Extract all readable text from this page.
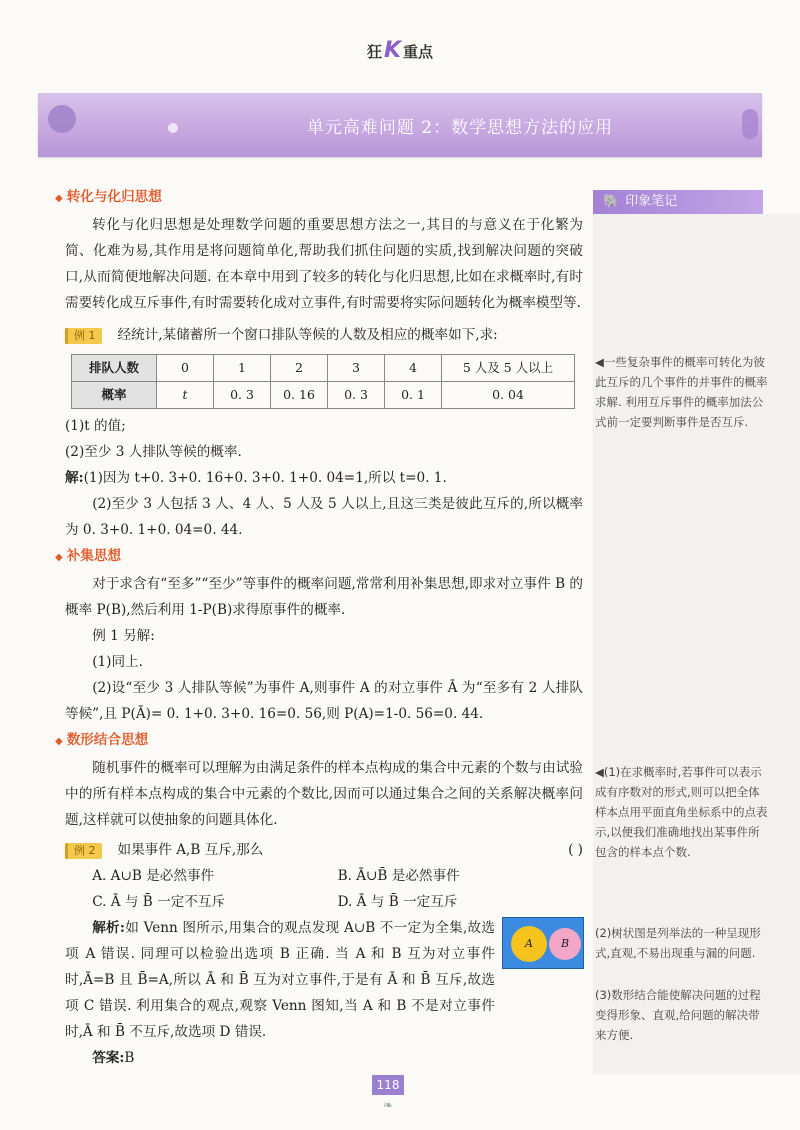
狂K 重点
单元高难问题 2：数学思想方法的应用
🐘 印象笔记
◀一些复杂事件的概率可转化为彼此互斥的几个事件的并事件的概率求解. 利用互斥事件的概率加法公式前一定要判断事件是否互斥.
◀(1)在求概率时,若事件可以表示成有序数对的形式,则可以把全体样本点用平面直角坐标系中的点表示,以便我们准确地找出某事件所包含的样本点个数.
(2)树状图是列举法的一种呈现形式,直观,不易出现重与漏的问题.
(3)数形结合能使解决问题的过程变得形象、直观,给问题的解决带来方便.
◆ 转化与化归思想

转化与化归思想是处理数学问题的重要思想方法之一,其目的与意义在于化繁为简、化难为易,其作用是将问题简单化,帮助我们抓住问题的实质,找到解决问题的突破口,从而简便地解决问题. 在本章中用到了较多的转化与化归思想,比如在求概率时,有时需要转化成互斥事件,有时需要转化成对立事件,有时需要将实际问题转化为概率模型等.

例 1 经统计,某储蓄所一个窗口排队等候的人数及相应的概率如下,求:

排队人数	0	1	2	3	4	5 人及 5 人以上
概率	t	0. 3	0. 16	0. 3	0. 1	0. 04

(1)t 的值;

(2)至少 3 人排队等候的概率.

解:(1)因为 t+0. 3+0. 16+0. 3+0. 1+0. 04=1,所以 t=0. 1.

(2)至少 3 人包括 3 人、4 人、5 人及 5 人以上,且这三类是彼此互斥的,所以概率为 0. 3+0. 1+0. 04=0. 44.

◆ 补集思想

对于求含有“至多”“至少”等事件的概率问题,常常利用补集思想,即求对立事件 B 的概率 P(B),然后利用 1-P(B)求得原事件的概率.

例 1 另解:

(1)同上.

(2)设“至少 3 人排队等候”为事件 A,则事件 A 的对立事件 Ā 为“至多有 2 人排队等候”,且 P(Ā)= 0. 1+0. 3+0. 16=0. 56,则 P(A)=1-0. 56=0. 44.

◆ 数形结合思想

随机事件的概率可以理解为由满足条件的样本点构成的集合中元素的个数与由试验中的所有样本点构成的集合中元素的个数比,因而可以通过集合之间的关系解决概率问题,这样就可以使抽象的问题具体化.

例 2 如果事件 A,B 互斥,那么	( )

A. A∪B 是必然事件	B. Ā∪B̄ 是必然事件
C. Ā 与 B̄ 一定不互斥	D. Ā 与 B̄ 一定互斥

解析:如 Venn 图所示,用集合的观点发现 A∪B 不一定为全集,故选项 A 错误. 同理可以检验出选项 B 正确. 当 A 和 B 互为对立事件时,Ā=B 且 B̄=A,所以 Ā 和 B̄ 互为对立事件,于是有 Ā 和 B̄ 互斥,故选项 C 错误. 利用集合的观点,观察 Venn 图知,当 A 和 B 不是对立事件时,Ā 和 B̄ 不互斥,故选项 D 错误.

答案:B

A	B
118
❧
